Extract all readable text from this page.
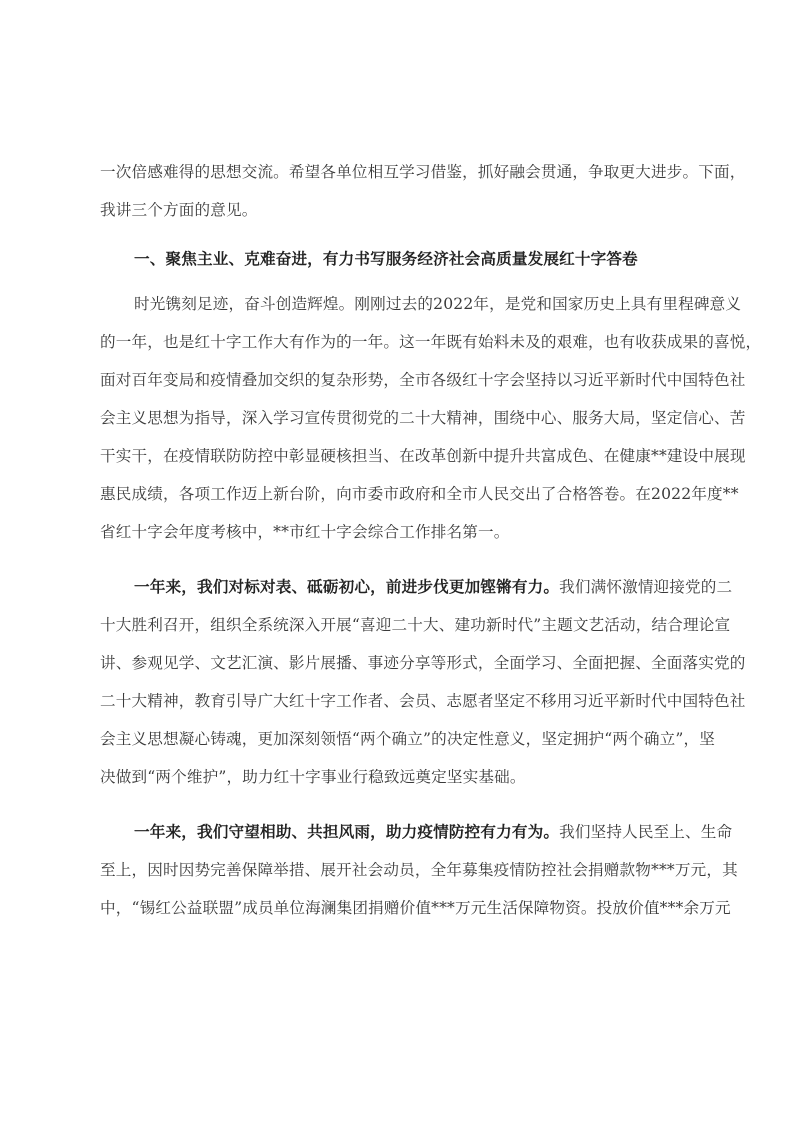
一次倍感难得的思想交流。希望各单位相互学习借鉴，抓好融会贯通，争取更大进步。下面，
我讲三个方面的意见。
一、聚焦主业、克难奋进，有力书写服务经济社会高质量发展红十字答卷
时光镌刻足迹，奋斗创造辉煌。刚刚过去的2022年，是党和国家历史上具有里程碑意义
的一年，也是红十字工作大有作为的一年。这一年既有始料未及的艰难，也有收获成果的喜悦，
面对百年变局和疫情叠加交织的复杂形势，全市各级红十字会坚持以习近平新时代中国特色社
会主义思想为指导，深入学习宣传贯彻党的二十大精神，围绕中心、服务大局，坚定信心、苦
干实干，在疫情联防防控中彰显硬核担当、在改革创新中提升共富成色、在健康**建设中展现
惠民成绩，各项工作迈上新台阶，向市委市政府和全市人民交出了合格答卷。在2022年度**
省红十字会年度考核中，**市红十字会综合工作排名第一。
一年来，我们对标对表、砥砺初心，前进步伐更加铿锵有力。我们满怀激情迎接党的二
十大胜利召开，组织全系统深入开展“喜迎二十大、建功新时代”主题文艺活动，结合理论宣
讲、参观见学、文艺汇演、影片展播、事迹分享等形式，全面学习、全面把握、全面落实党的
二十大精神，教育引导广大红十字工作者、会员、志愿者坚定不移用习近平新时代中国特色社
会主义思想凝心铸魂，更加深刻领悟“两个确立”的决定性意义，坚定拥护“两个确立”，坚
决做到“两个维护”，助力红十字事业行稳致远奠定坚实基础。
一年来，我们守望相助、共担风雨，助力疫情防控有力有为。我们坚持人民至上、生命
至上，因时因势完善保障举措、展开社会动员，全年募集疫情防控社会捐赠款物***万元，其
中，“锡红公益联盟”成员单位海澜集团捐赠价值***万元生活保障物资。投放价值***余万元
